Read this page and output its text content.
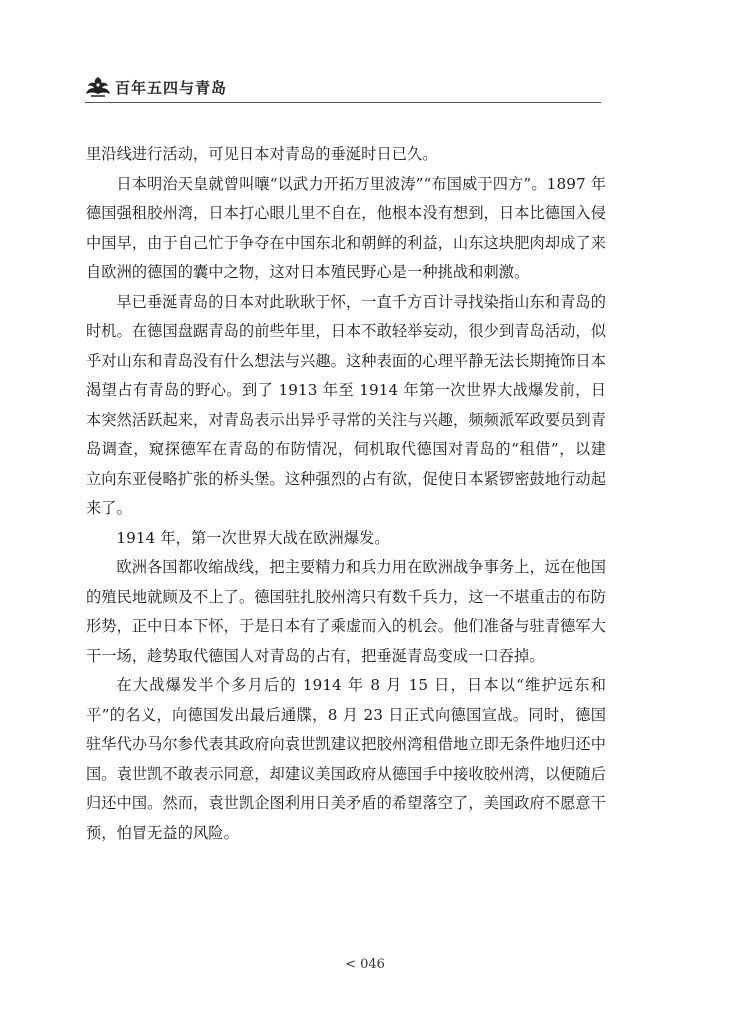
百年五四与青岛

里沿线进行活动，可见日本对青岛的垂涎时日已久。

日本明治天皇就曾叫嚷“以武力开拓万里波涛”“布国威于四方”。1897 年德国强租胶州湾，日本打心眼儿里不自在，他根本没有想到，日本比德国入侵中国早，由于自己忙于争夺在中国东北和朝鲜的利益，山东这块肥肉却成了来自欧洲的德国的囊中之物，这对日本殖民野心是一种挑战和刺激。

早已垂涎青岛的日本对此耿耿于怀，一直千方百计寻找染指山东和青岛的时机。在德国盘踞青岛的前些年里，日本不敢轻举妄动，很少到青岛活动，似乎对山东和青岛没有什么想法与兴趣。这种表面的心理平静无法长期掩饰日本渴望占有青岛的野心。到了 1913 年至 1914 年第一次世界大战爆发前，日本突然活跃起来，对青岛表示出异乎寻常的关注与兴趣，频频派军政要员到青岛调查，窥探德军在青岛的布防情况，伺机取代德国对青岛的“租借”，以建立向东亚侵略扩张的桥头堡。这种强烈的占有欲，促使日本紧锣密鼓地行动起来了。

1914 年，第一次世界大战在欧洲爆发。

欧洲各国都收缩战线，把主要精力和兵力用在欧洲战争事务上，远在他国的殖民地就顾及不上了。德国驻扎胶州湾只有数千兵力，这一不堪重击的布防形势，正中日本下怀，于是日本有了乘虚而入的机会。他们准备与驻青德军大干一场，趁势取代德国人对青岛的占有，把垂涎青岛变成一口吞掉。

在大战爆发半个多月后的 1914 年 8 月 15 日，日本以“维护远东和平”的名义，向德国发出最后通牒，8 月 23 日正式向德国宣战。同时，德国驻华代办马尔参代表其政府向袁世凯建议把胶州湾租借地立即无条件地归还中国。袁世凯不敢表示同意，却建议美国政府从德国手中接收胶州湾，以便随后归还中国。然而，袁世凯企图利用日美矛盾的希望落空了，美国政府不愿意干预，怕冒无益的风险。

< 046
